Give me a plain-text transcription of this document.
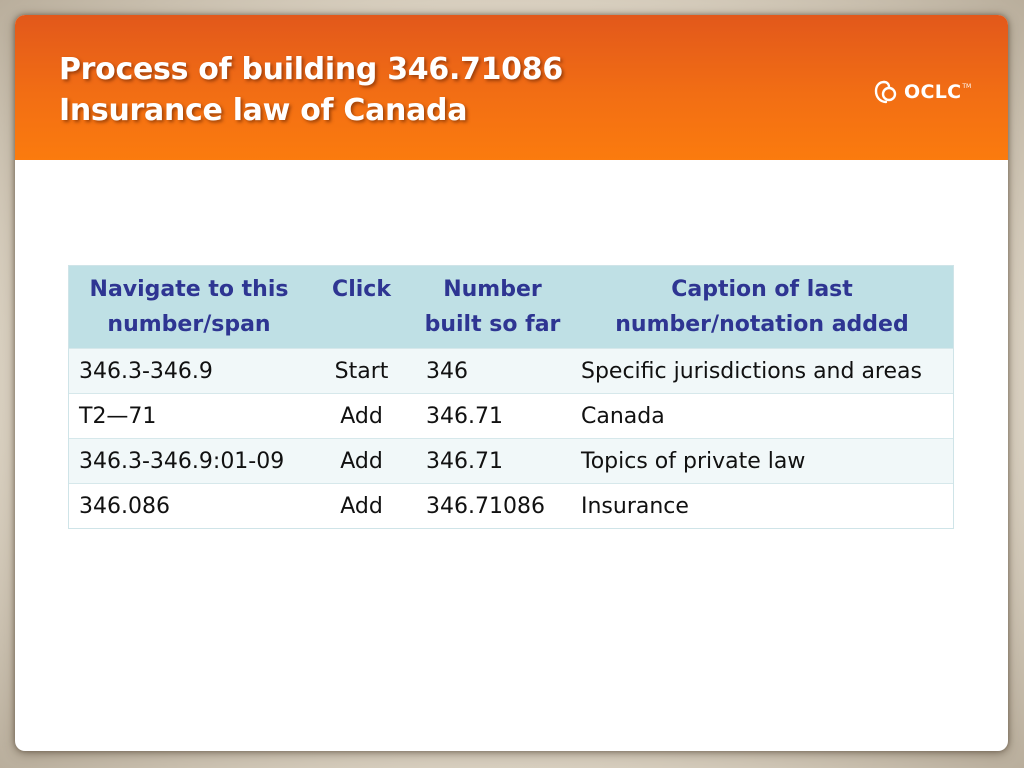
Process of building 346.71086
Insurance law of Canada
OCLC TM
Navigate to this number/span	Click	Number built so far	Caption of last number/notation added
346.3-346.9	Start	346	Specific jurisdictions and areas
T2—71	Add	346.71	Canada
346.3-346.9:01-09	Add	346.71	Topics of private law
346.086	Add	346.71086	Insurance
